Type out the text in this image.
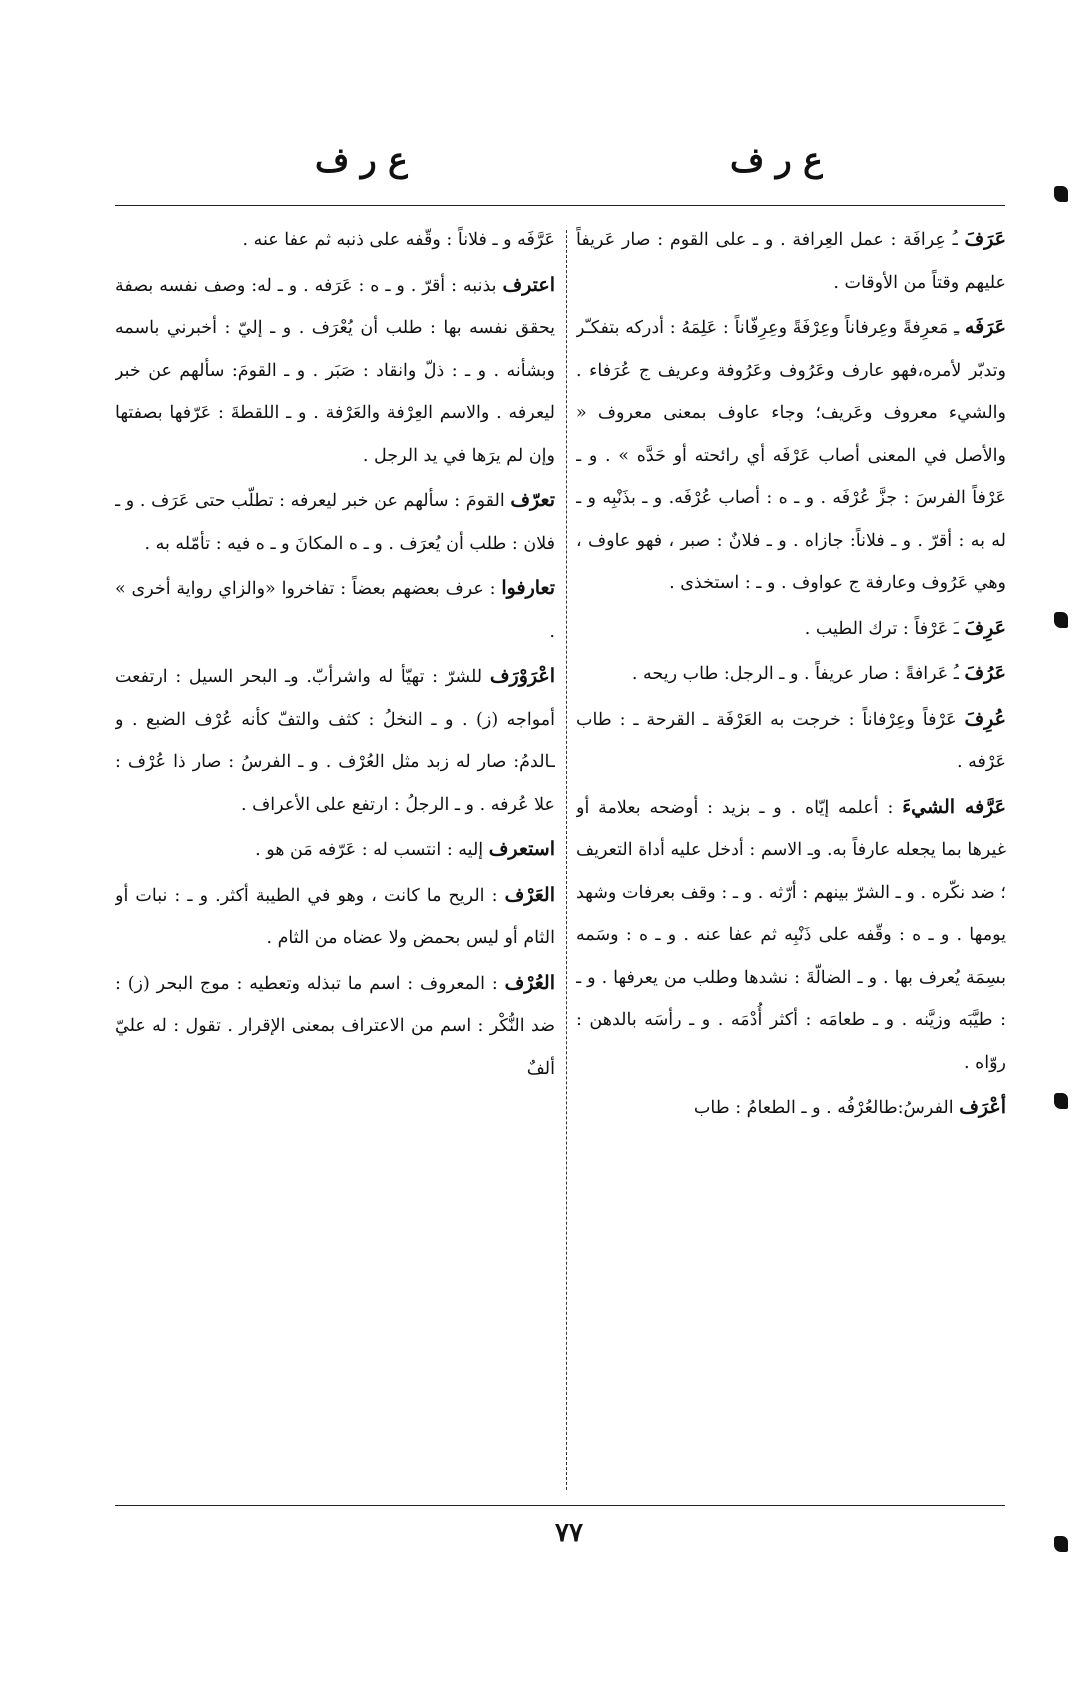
ع ر ف
ع ر ف

عَرَفَ ـُ عِرافَة : عمل العِرافة . و ـ على القوم : صار عَريفاً عليهم وقتاً من الأوقات .

عَرَفَه ـِ مَعرِفةً وعِرفاناً وعِرْفَةً وعِرِفّاناً : عَلِمَهُ : أدركه بتفكـّر وتدبّر لأمره،فهو عارف وعَرُوف وعَرُوفة وعريف ج عُرَفاء . والشيء معروف وعَريف؛ وجاء عاوف بمعنى معروف « والأصل في المعنى أصاب عَرْفَه أي رائحته أو حَدَّه » . و ـ عَرْفاً الفرسَ : جزَّ عُرْفَه . و ـ ه : أصاب عُرْفَه. و ـ بذَنْبِه و ـ له به : أقرّ . و ـ فلاناً: جازاه . و ـ فلانٌ : صبر ، فهو عاوف ، وهي عَرُوف وعارفة ج عواوف . و ـ : استخذى .

عَرِفَ ـَ عَرْفاً : ترك الطيب .

عَرُفَ ـُ عَرافةً : صار عريفاً . و ـ الرجل: طاب ريحه .

عُرِفَ عَرْفاً وعِرْفاناً : خرجت به العَرْفَة ـ القرحة ـ : طاب عَرْفه .

عَرَّفه الشيءَ : أعلمه إيّاه . و ـ بزيد : أوضحه بعلامة أو غيرها بما يجعله عارفاً به. وـ الاسم : أدخل عليه أداة التعريف ؛ ضد نكّره . و ـ الشرّ بينهم : أرّثه . و ـ : وقف بعرفات وشهد يومها . و ـ ه : وقّفه على ذَنْبِه ثم عفا عنه . و ـ ه : وسَمه بسِمَة يُعرف بها . و ـ الضالّةَ : نشدها وطلب من يعرفها . و ـ : طيَّبَه وزيَّنه . و ـ طعامَه : أكثر أُدْمَه . و ـ رأسَه بالدهن : روّاه .

أعْرَف الفرسُ:طالعُرْفُه . و ـ الطعامُ : طاب

عَرَّفَه و ـ فلاناً : وقّفه على ذنبه ثم عفا عنه .

اعترف بذنبه : أقرّ . و ـ ه : عَرَفه . و ـ له: وصف نفسه بصفة يحقق نفسه بها : طلب أن يُعْرَف . و ـ إليّ : أخبرني باسمه وبشأنه . و ـ : ذلّ وانقاد : صَبَر . و ـ القومَ: سألهم عن خبر ليعرفه . والاسم العِرْفة والعَرْفة . و ـ اللقطةَ : عَرّفها بصفتها وإن لم يرَها في يد الرجل .

تعرّف القومَ : سألهم عن خبر ليعرفه : تطلّب حتى عَرَف . و ـ فلان : طلب أن يُعرَف . و ـ ه المكانَ و ـ ه فيه : تأمّله به .

تعارفوا : عرف بعضهم بعضاً : تفاخروا «والزاي رواية أخرى » .

اعْرَوْرَف للشرّ : تهيّأ له واشرأبّ. وـ البحر السيل : ارتفعت أمواجه (ز) . و ـ النخلُ : كثف والتفّ كأنه عُرْف الضبع . و ـالدمُ: صار له زبد مثل العُرْف . و ـ الفرسُ : صار ذا عُرْف : علا عُرفه . و ـ الرجلُ : ارتفع على الأعراف .

استعرف إليه : انتسب له : عَرّفه مَن هو .

العَرْف : الريح ما كانت ، وهو في الطيبة أكثر. و ـ : نبات أو الثام أو ليس بحمض ولا عضاه من الثام .

العُرْف : المعروف : اسم ما تبذله وتعطيه : موج البحر (ز) : ضد النُّكْر : اسم من الاعتراف بمعنى الإقرار . تقول : له عليّ ألفٌ

٧٧
